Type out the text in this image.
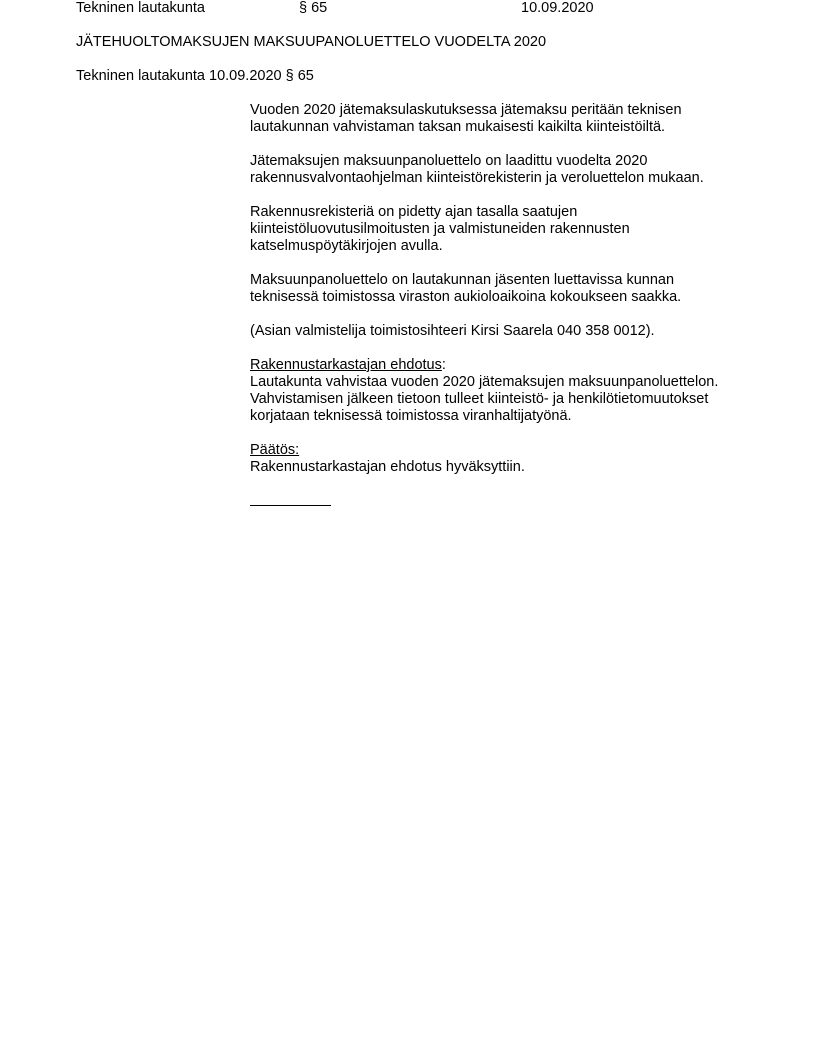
Tekninen lautakunta	§ 65	10.09.2020
JÄTEHUOLTOMAKSUJEN MAKSUUPANOLUETTELO VUODELTA 2020
Tekninen lautakunta 10.09.2020 § 65

Vuoden 2020 jätemaksulaskutuksessa jätemaksu peritään teknisen
lautakunnan vahvistaman taksan mukaisesti kaikilta kiinteistöiltä.

Jätemaksujen maksuunpanoluettelo on laadittu vuodelta 2020
rakennusvalvontaohjelman kiinteistörekisterin ja veroluettelon mukaan.

Rakennusrekisteriä on pidetty ajan tasalla saatujen
kiinteistöluovutusilmoitusten ja valmistuneiden rakennusten
katselmuspöytäkirjojen avulla.

Maksuunpanoluettelo on lautakunnan jäsenten luettavissa kunnan
teknisessä toimistossa viraston aukioloaikoina kokoukseen saakka.

(Asian valmistelija toimistosihteeri Kirsi Saarela 040 358 0012).

Rakennustarkastajan ehdotus:
Lautakunta vahvistaa vuoden 2020 jätemaksujen maksuunpanoluettelon.
Vahvistamisen jälkeen tietoon tulleet kiinteistö- ja henkilötietomuutokset
korjataan teknisessä toimistossa viranhaltijatyönä.
Päätös:
Rakennustarkastajan ehdotus hyväksyttiin.
